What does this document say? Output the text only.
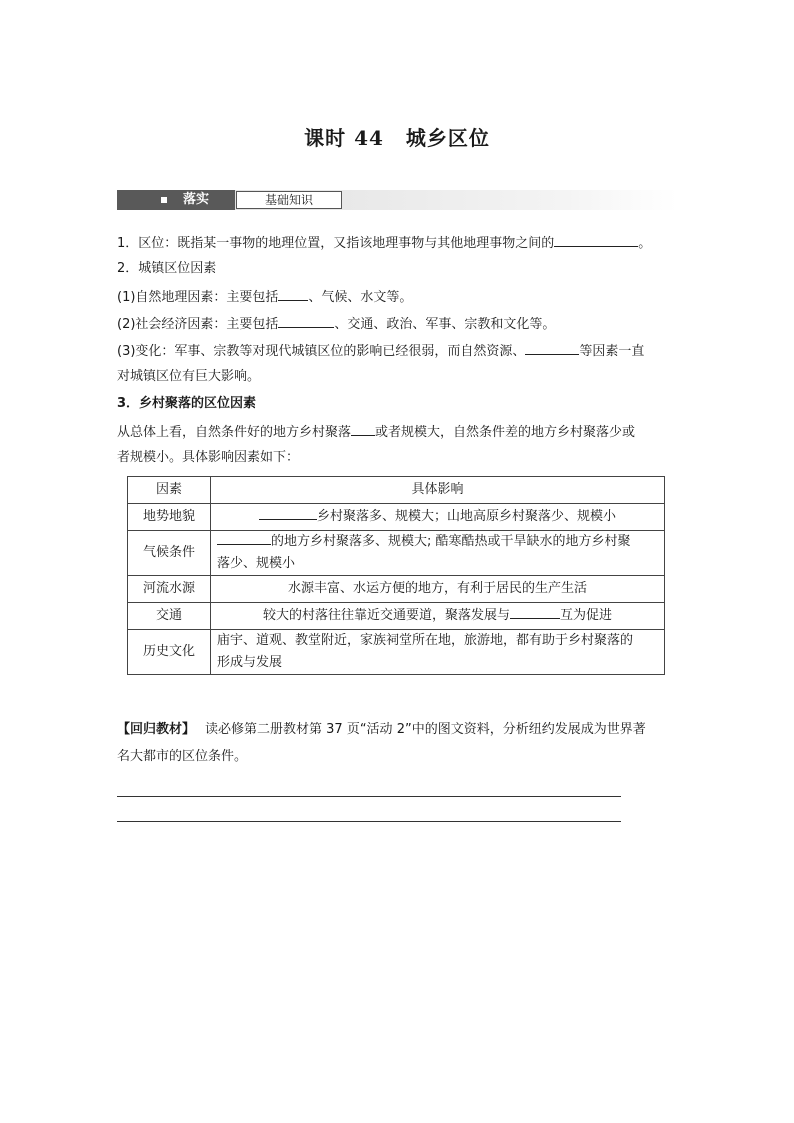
课时 44 城乡区位
落实	基础知识
1．区位：既指某一事物的地理位置，又指该地理事物与其他地理事物之间的	。
2．城镇区位因素
(1)自然地理因素：主要包括 、气候、水文等。
(2)社会经济因素：主要包括	、交通、政治、军事、宗教和文化等。
(3)变化：军事、宗教等对现代城镇区位的影响已经很弱，而自然资源、	等因素一直
对城镇区位有巨大影响。
3．乡村聚落的区位因素
从总体上看，自然条件好的地方乡村聚落 或者规模大，自然条件差的地方乡村聚落少或
者规模小。具体影响因素如下：
因素	具体影响
地势地貌	乡村聚落多、规模大；山地高原乡村聚落少、规模小
气候条件	的地方乡村聚落多、规模大; 酷寒酷热或干旱缺水的地方乡村聚
落少、规模小
河流水源	水源丰富、水运方便的地方，有利于居民的生产生活
交通	较大的村落往往靠近交通要道，聚落发展与 互为促进
历史文化	庙宇、道观、教堂附近，家族祠堂所在地，旅游地，都有助于乡村聚落的
形成与发展
【回归教材】 读必修第二册教材第 37 页“活动 2”中的图文资料，分析纽约发展成为世界著
名大都市的区位条件。
